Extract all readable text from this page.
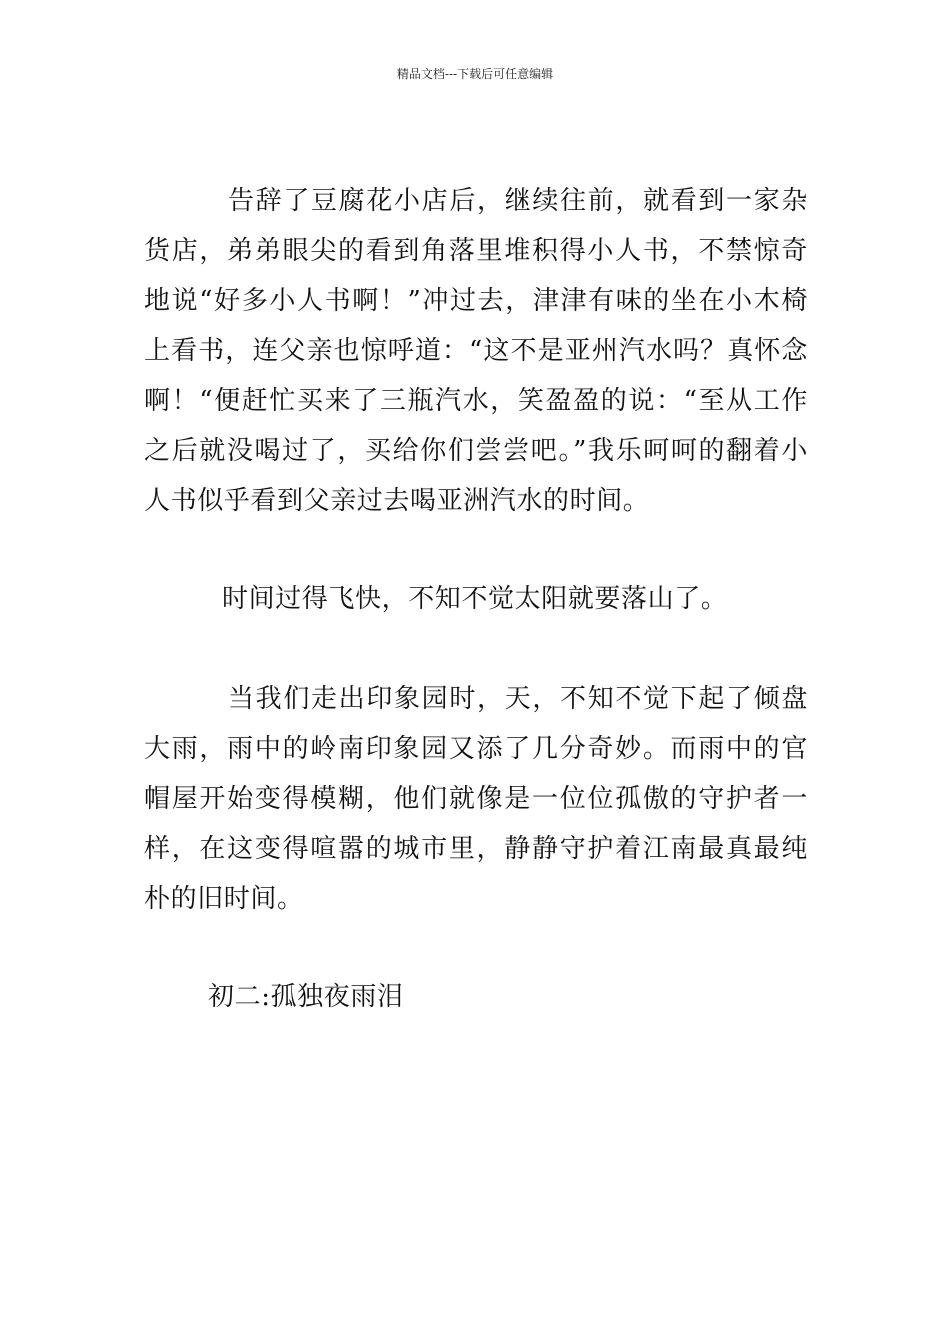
精品文档---下载后可任意编辑

告辞了豆腐花小店后，继续往前，就看到一家杂货店，弟弟眼尖的看到角落里堆积得小人书，不禁惊奇地说“好多小人书啊！”冲过去，津津有味的坐在小木椅上看书，连父亲也惊呼道：“这不是亚州汽水吗？真怀念啊！“便赶忙买来了三瓶汽水，笑盈盈的说：“至从工作之后就没喝过了，买给你们尝尝吧。”我乐呵呵的翻着小人书似乎看到父亲过去喝亚洲汽水的时间。

时间过得飞快，不知不觉太阳就要落山了。

当我们走出印象园时，天，不知不觉下起了倾盘大雨，雨中的岭南印象园又添了几分奇妙。而雨中的官帽屋开始变得模糊，他们就像是一位位孤傲的守护者一样，在这变得喧嚣的城市里，静静守护着江南最真最纯朴的旧时间。

初二:孤独夜雨泪
